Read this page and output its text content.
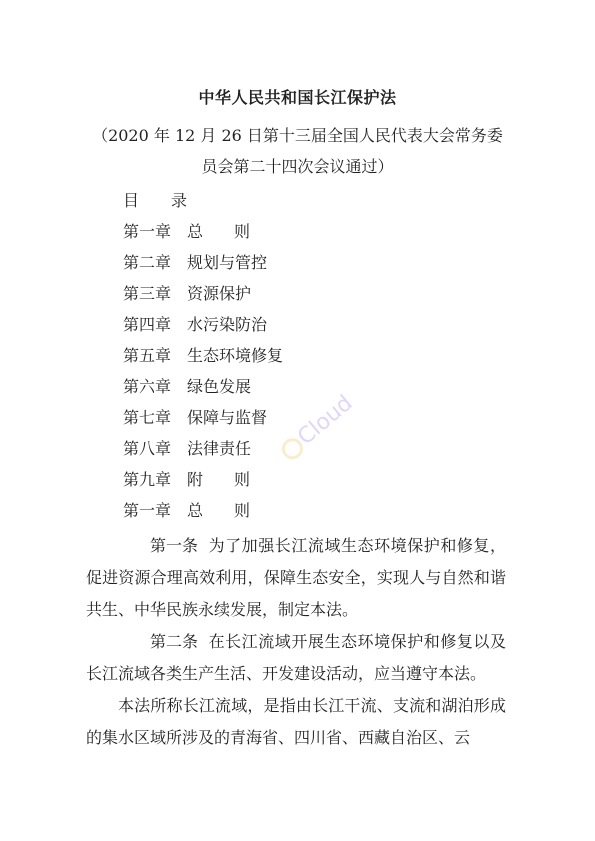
中华人民共和国长江保护法
（2020 年 12 月 26 日第十三届全国人民代表大会常务委
员会第二十四次会议通过）
目 录
第一章 总则
第二章 规划与管控
第三章 资源保护
第四章 水污染防治
第五章 生态环境修复
第六章 绿色发展
第七章 保障与监督
第八章 法律责任
第九章 附则
第一章 总则

第一条 为了加强长江流域生态环境保护和修复，促进资源合理高效利用，保障生态安全，实现人与自然和谐共生、中华民族永续发展，制定本法。

第二条 在长江流域开展生态环境保护和修复以及长江流域各类生产生活、开发建设活动，应当遵守本法。

本法所称长江流域，是指由长江干流、支流和湖泊形成的集水区域所涉及的青海省、四川省、西藏自治区、云

Cloud
